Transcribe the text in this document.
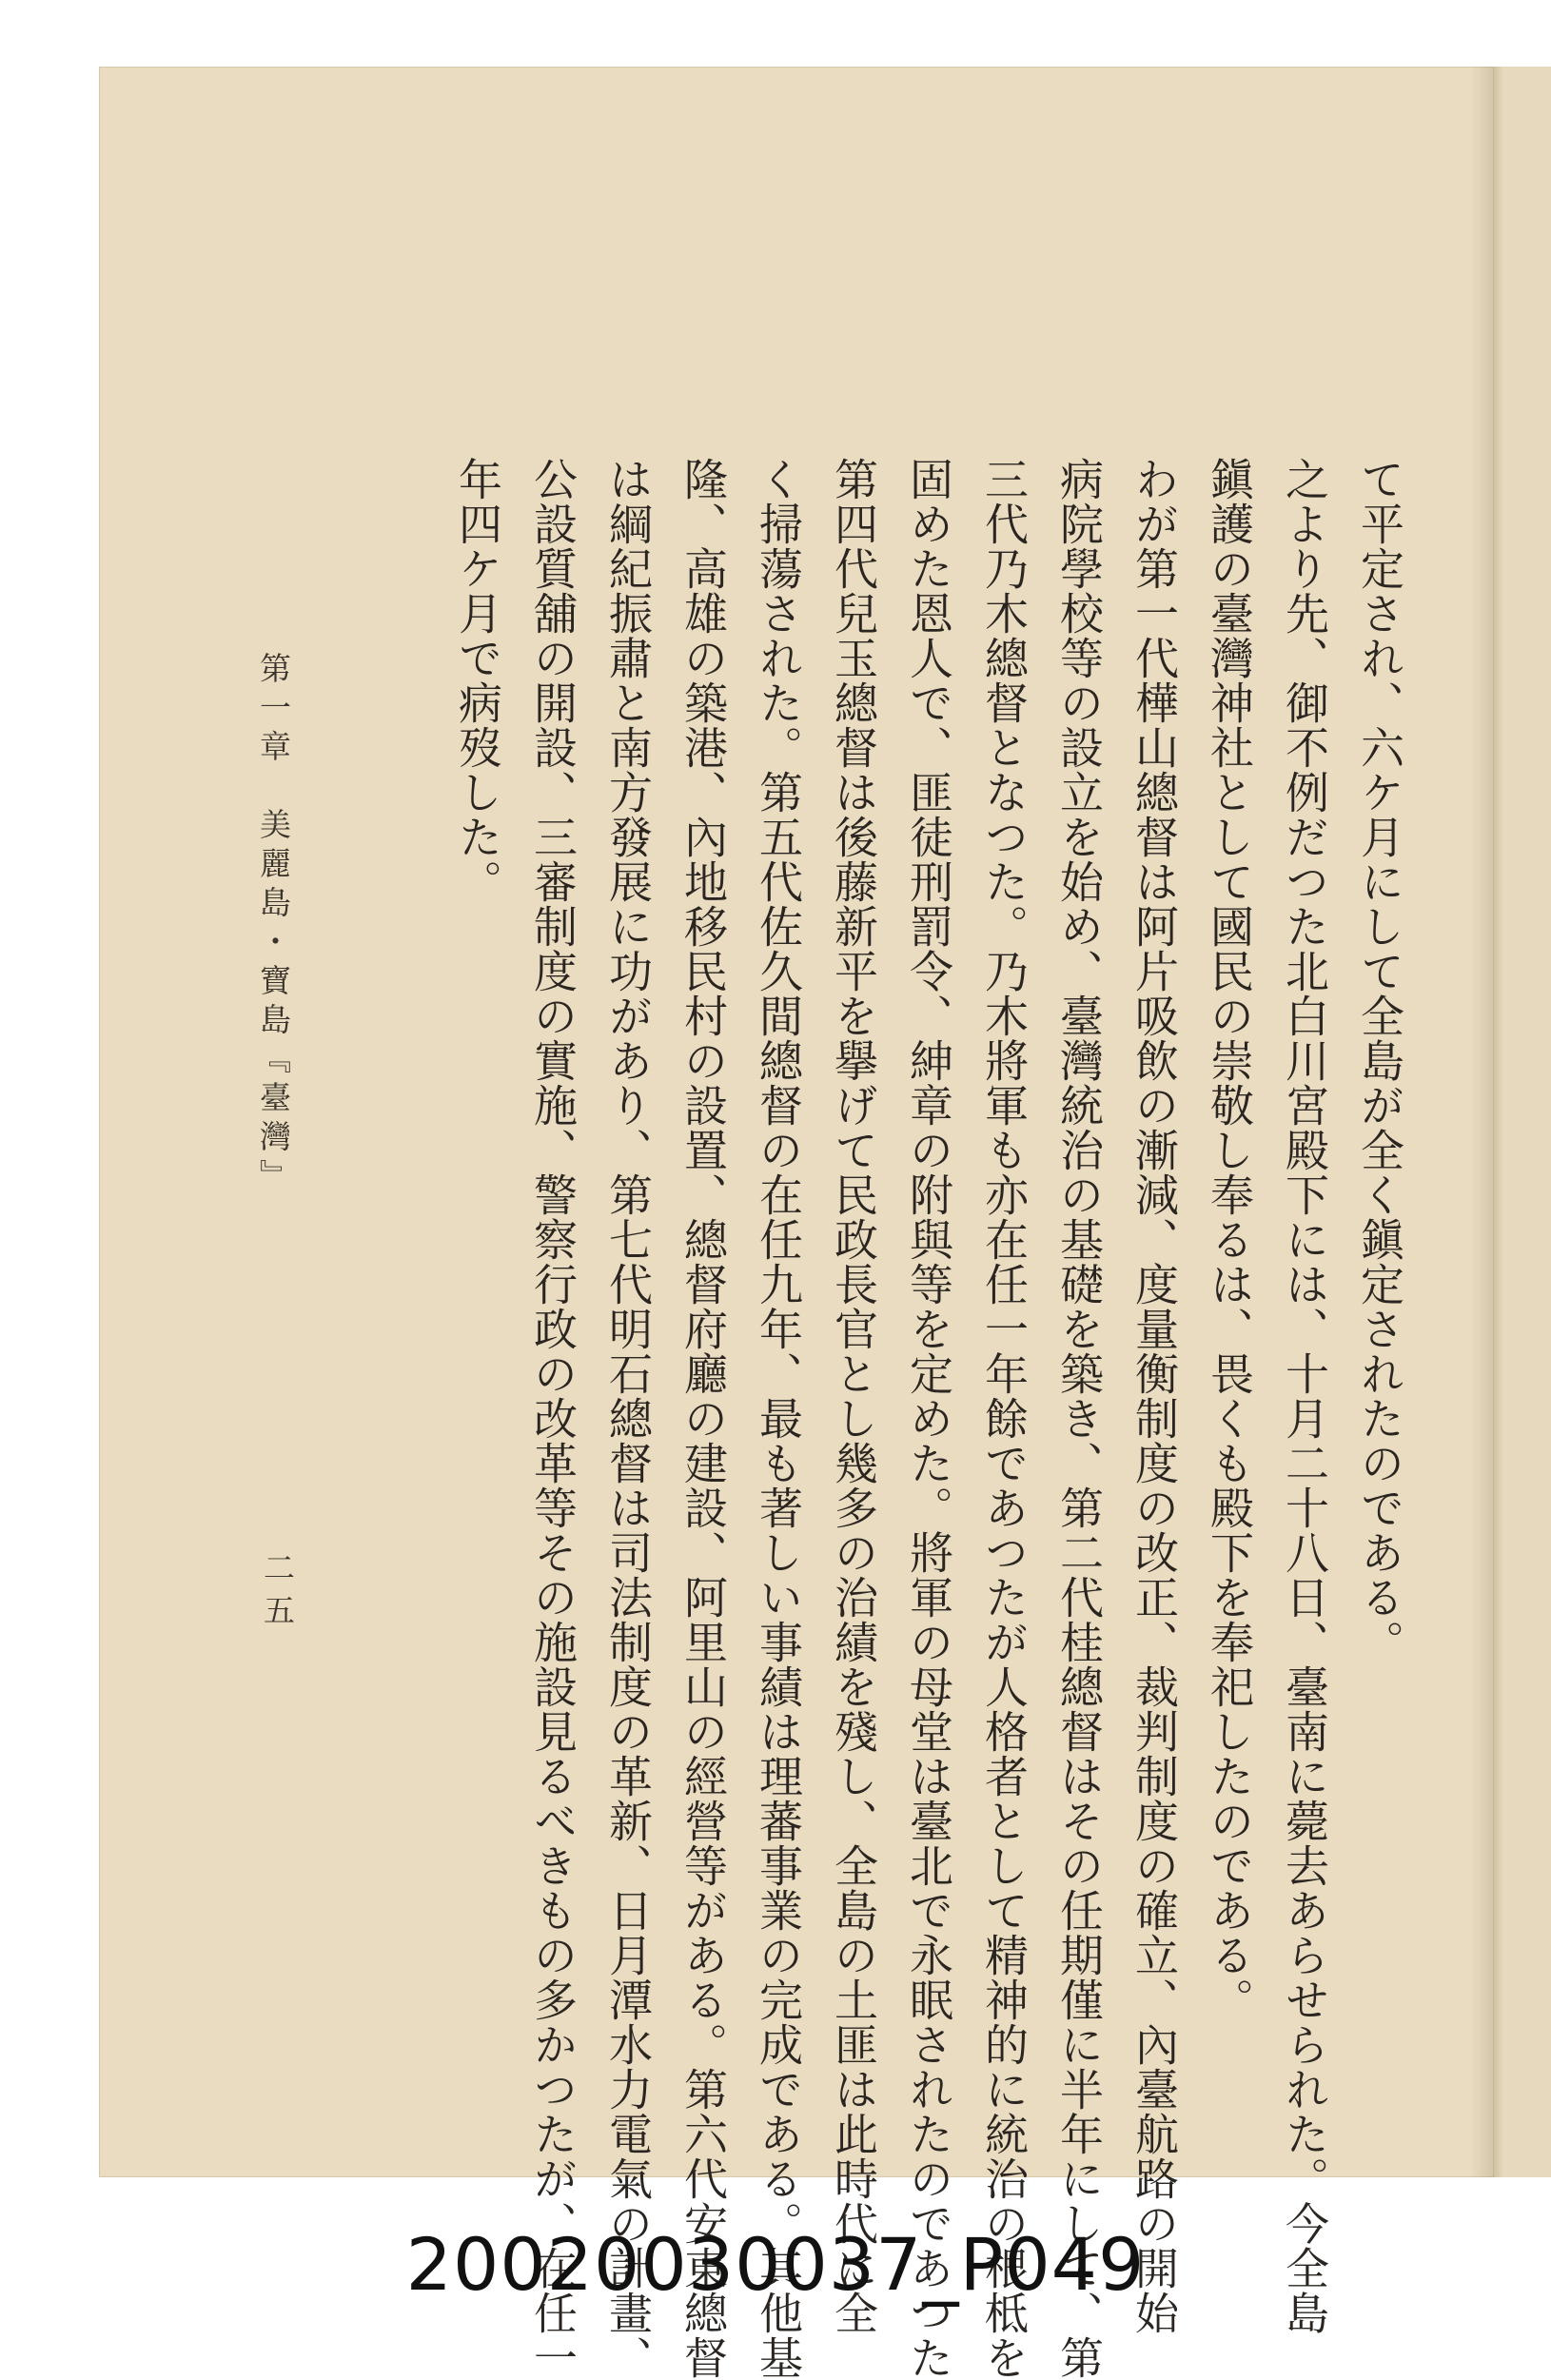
て平定され、六ケ月にして全島が全く鎭定されたのである。
之より先、御不例だつた北白川宮殿下には、十月二十八日、臺南に薨去あらせられた。今全島
鎭護の臺灣神社として國民の崇敬し奉るは、畏くも殿下を奉祀したのである。
わが第一代樺山總督は阿片吸飲の漸減、度量衡制度の改正、裁判制度の確立、內臺航路の開始
病院學校等の設立を始め、臺灣統治の基礎を築き、第二代桂總督はその任期僅に半年にして、第
三代乃木總督となつた。乃木將軍も亦在任一年餘であつたが人格者として精神的に統治の根柢を
固めた恩人で、匪徒刑罰令、紳章の附與等を定めた。將軍の母堂は臺北で永眠されたのであつた
第四代兒玉總督は後藤新平を擧げて民政長官とし幾多の治績を殘し、全島の土匪は此時代に全
く掃蕩された。第五代佐久間總督の在任九年、最も著しい事績は理蕃事業の完成である。其他基
隆、高雄の築港、內地移民村の設置、總督府廳の建設、阿里山の經營等がある。第六代安東總督
は綱紀振肅と南方發展に功があり、第七代明石總督は司法制度の革新、日月潭水力電氣の計畫、
公設質舖の開設、三審制度の實施、警察行政の改革等その施設見るべきもの多かつたが、在任一
年四ケ月で病歿した。
第一章　美麗島・寶島『臺灣』
二五
20020030037_P049
